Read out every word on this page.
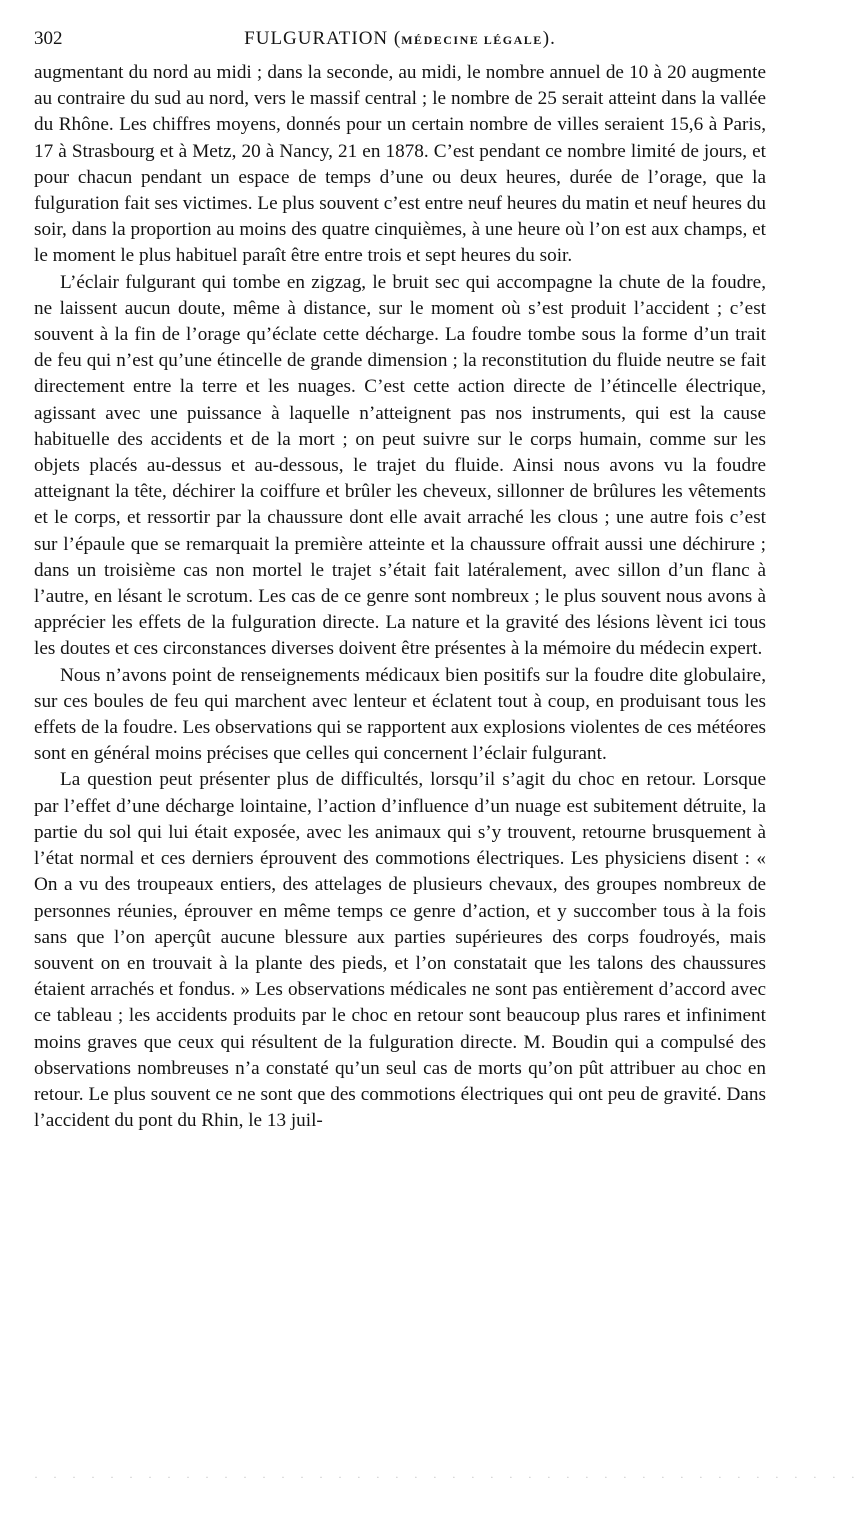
302	FULGURATION (MÉDECINE LÉGALE).

augmentant du nord au midi ; dans la seconde, au midi, le nombre annuel de 10 à 20 augmente au contraire du sud au nord, vers le massif central ; le nombre de 25 serait atteint dans la vallée du Rhône. Les chiffres moyens, donnés pour un certain nombre de villes seraient 15,6 à Paris, 17 à Strasbourg et à Metz, 20 à Nancy, 21 en 1878. C’est pendant ce nombre limité de jours, et pour chacun pendant un espace de temps d’une ou deux heures, durée de l’orage, que la fulguration fait ses victimes. Le plus souvent c’est entre neuf heures du matin et neuf heures du soir, dans la proportion au moins des quatre cinquièmes, à une heure où l’on est aux champs, et le moment le plus habituel paraît être entre trois et sept heures du soir.

L’éclair fulgurant qui tombe en zigzag, le bruit sec qui accompagne la chute de la foudre, ne laissent aucun doute, même à distance, sur le moment où s’est produit l’accident ; c’est souvent à la fin de l’orage qu’éclate cette décharge. La foudre tombe sous la forme d’un trait de feu qui n’est qu’une étincelle de grande dimension ; la reconstitution du fluide neutre se fait directement entre la terre et les nuages. C’est cette action directe de l’étincelle électrique, agissant avec une puissance à laquelle n’atteignent pas nos instruments, qui est la cause habituelle des accidents et de la mort ; on peut suivre sur le corps humain, comme sur les objets placés au-dessus et au-dessous, le trajet du fluide. Ainsi nous avons vu la foudre atteignant la tête, déchirer la coiffure et brûler les cheveux, sillonner de brûlures les vêtements et le corps, et ressortir par la chaussure dont elle avait arraché les clous ; une autre fois c’est sur l’épaule que se remarquait la première atteinte et la chaussure offrait aussi une déchirure ; dans un troisième cas non mortel le trajet s’était fait latéralement, avec sillon d’un flanc à l’autre, en lésant le scrotum. Les cas de ce genre sont nombreux ; le plus souvent nous avons à apprécier les effets de la fulguration directe. La nature et la gravité des lésions lèvent ici tous les doutes et ces circonstances diverses doivent être présentes à la mémoire du médecin expert.

Nous n’avons point de renseignements médicaux bien positifs sur la foudre dite globulaire, sur ces boules de feu qui marchent avec lenteur et éclatent tout à coup, en produisant tous les effets de la foudre. Les observations qui se rapportent aux explosions violentes de ces météores sont en général moins précises que celles qui concernent l’éclair fulgurant.

La question peut présenter plus de difficultés, lorsqu’il s’agit du choc en retour. Lorsque par l’effet d’une décharge lointaine, l’action d’influence d’un nuage est subitement détruite, la partie du sol qui lui était exposée, avec les animaux qui s’y trouvent, retourne brusquement à l’état normal et ces derniers éprouvent des commotions électriques. Les physiciens disent : « On a vu des troupeaux entiers, des attelages de plusieurs chevaux, des groupes nombreux de personnes réunies, éprouver en même temps ce genre d’action, et y succomber tous à la fois sans que l’on aperçût aucune blessure aux parties supérieures des corps foudroyés, mais souvent on en trouvait à la plante des pieds, et l’on constatait que les talons des chaussures étaient arrachés et fondus. » Les observations médicales ne sont pas entièrement d’accord avec ce tableau ; les accidents produits par le choc en retour sont beaucoup plus rares et infiniment moins graves que ceux qui résultent de la fulguration directe. M. Boudin qui a compulsé des observations nombreuses n’a constaté qu’un seul cas de morts qu’on pût attribuer au choc en retour. Le plus souvent ce ne sont que des commotions électriques qui ont peu de gravité. Dans l’accident du pont du Rhin, le 13 juil-

· · · · · · · · · · · · · · · · · · · · · · · · · · · · · · · · · · · · · · · · · · · ·
